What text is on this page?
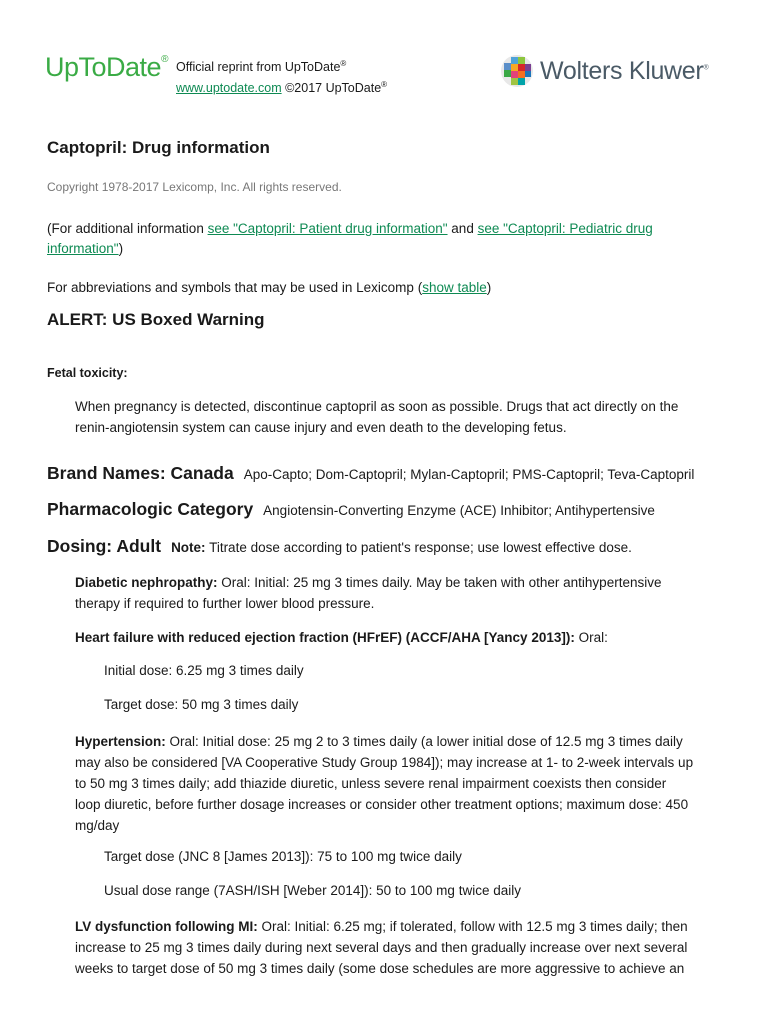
UpToDate®
Official reprint from UpToDate®
www.uptodate.com ©2017 UpToDate®
Wolters Kluwer®
Captopril: Drug information
Copyright 1978-2017 Lexicomp, Inc. All rights reserved.
(For additional information see "Captopril: Patient drug information" and see "Captopril: Pediatric drug
information")
For abbreviations and symbols that may be used in Lexicomp (show table)
ALERT: US Boxed Warning
Fetal toxicity:
When pregnancy is detected, discontinue captopril as soon as possible. Drugs that act directly on the
renin-angiotensin system can cause injury and even death to the developing fetus.
Brand Names: Canada Apo-Capto; Dom-Captopril; Mylan-Captopril; PMS-Captopril; Teva-Captopril
Pharmacologic Category Angiotensin-Converting Enzyme (ACE) Inhibitor; Antihypertensive
Dosing: Adult Note: Titrate dose according to patient's response; use lowest effective dose.
Diabetic nephropathy: Oral: Initial: 25 mg 3 times daily. May be taken with other antihypertensive
therapy if required to further lower blood pressure.
Heart failure with reduced ejection fraction (HFrEF) (ACCF/AHA [Yancy 2013]): Oral:
Initial dose: 6.25 mg 3 times daily
Target dose: 50 mg 3 times daily
Hypertension: Oral: Initial dose: 25 mg 2 to 3 times daily (a lower initial dose of 12.5 mg 3 times daily
may also be considered [VA Cooperative Study Group 1984]); may increase at 1- to 2-week intervals up
to 50 mg 3 times daily; add thiazide diuretic, unless severe renal impairment coexists then consider
loop diuretic, before further dosage increases or consider other treatment options; maximum dose: 450
mg/day
Target dose (JNC 8 [James 2013]): 75 to 100 mg twice daily
Usual dose range (7ASH/ISH [Weber 2014]): 50 to 100 mg twice daily
LV dysfunction following MI: Oral: Initial: 6.25 mg; if tolerated, follow with 12.5 mg 3 times daily; then
increase to 25 mg 3 times daily during next several days and then gradually increase over next several
weeks to target dose of 50 mg 3 times daily (some dose schedules are more aggressive to achieve an
